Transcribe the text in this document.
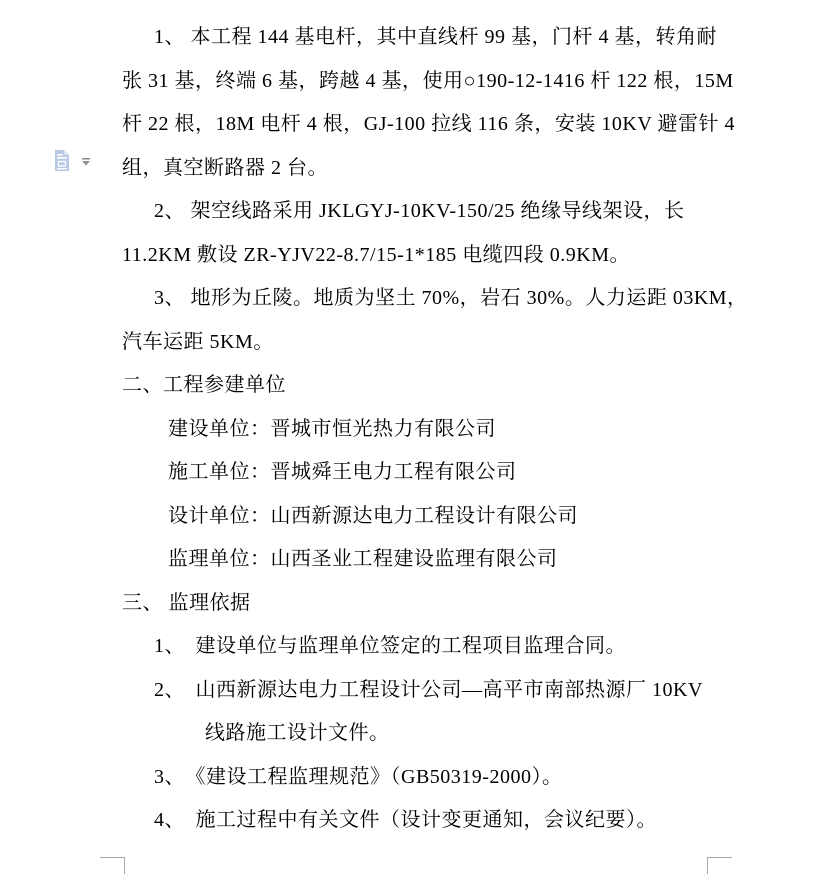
1、 本工程 144 基电杆，其中直线杆 99 基，门杆 4 基，转角耐
张 31 基，终端 6 基，跨越 4 基，使用○190-12-1416 杆 122 根，15M
杆 22 根，18M 电杆 4 根，GJ-100 拉线 116 条，安装 10KV 避雷针 4
组，真空断路器 2 台。
2、 架空线路采用 JKLGYJ-10KV-150/25 绝缘导线架设，长
11.2KM 敷设 ZR-YJV22-8.7/15-1*185 电缆四段 0.9KM。
3、 地形为丘陵。地质为坚土 70%，岩石 30%。人力运距 03KM，
汽车运距 5KM。
二、工程参建单位
建设单位：晋城市恒光热力有限公司
施工单位：晋城舜王电力工程有限公司
设计单位：山西新源达电力工程设计有限公司
监理单位：山西圣业工程建设监理有限公司
三、 监理依据
1、　建设单位与监理单位签定的工程项目监理合同。
2、　山西新源达电力工程设计公司—高平市南部热源厂 10KV
线路施工设计文件。
3、　《建设工程监理规范》（GB50319-2000）。
4、　施工过程中有关文件（设计变更通知，会议纪要）。
